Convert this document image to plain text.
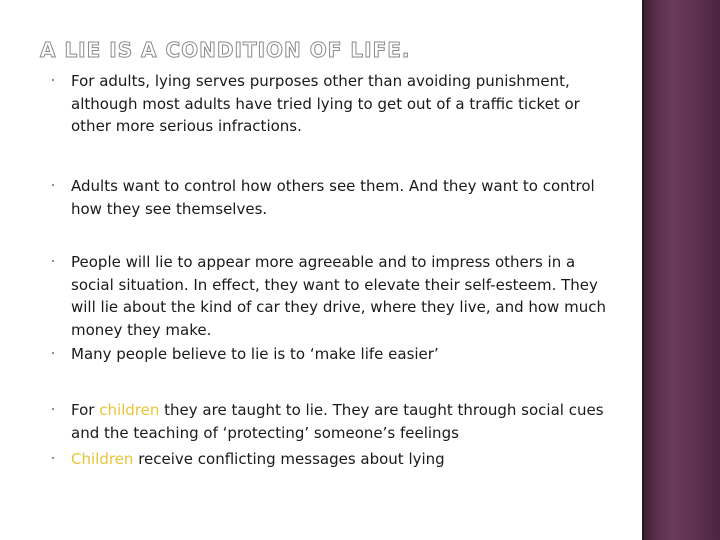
A LIE IS A CONDITION OF LIFE.
For adults, lying serves purposes other than avoiding punishment, although most adults have tried lying to get out of a traffic ticket or other more serious infractions.
Adults want to control how others see them. And they want to control how they see themselves.
People will lie to appear more agreeable and to impress others in a social situation. In effect, they want to elevate their self-esteem. They will lie about the kind of car they drive, where they live, and how much money they make.
Many people believe to lie is to ‘make life easier’
For children they are taught to lie. They are taught through social cues and the teaching of ‘protecting’ someone’s feelings
Children receive conflicting messages about lying
